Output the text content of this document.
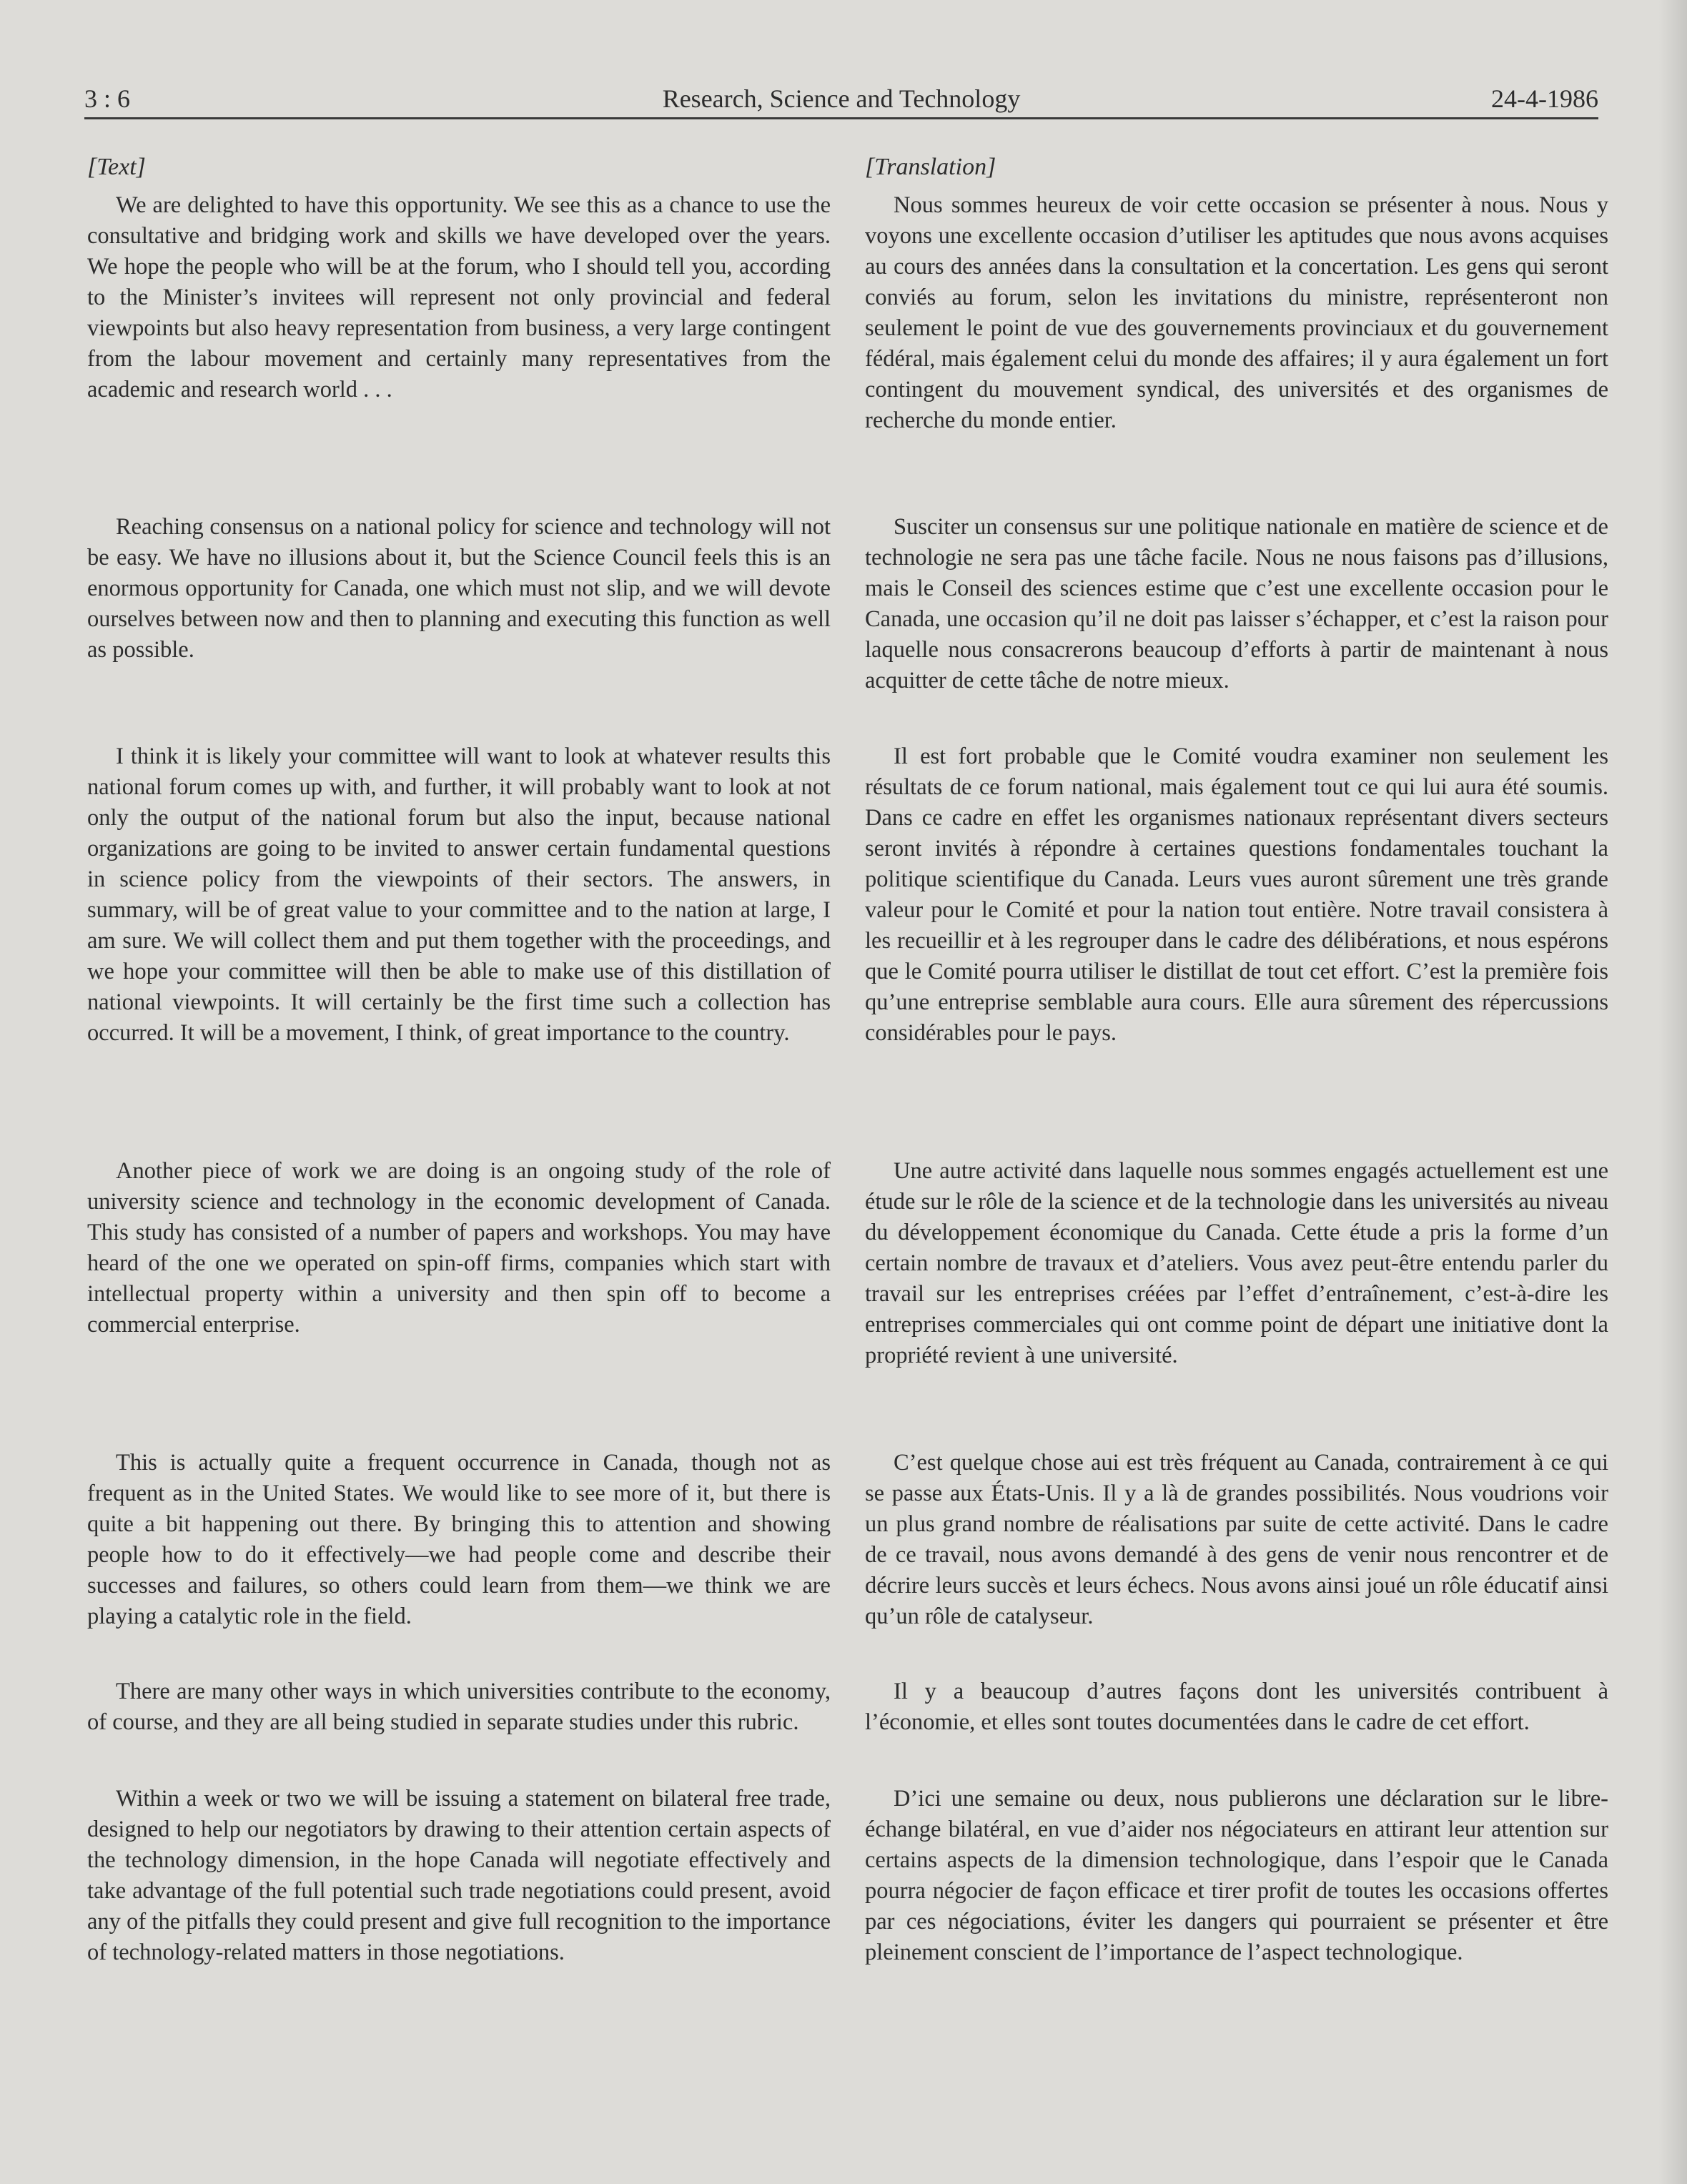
3 : 6	Research, Science and Technology	24-4-1986
[Text]	[Translation]

We are delighted to have this opportunity. We see this as a chance to use the consultative and bridging work and skills we have developed over the years. We hope the people who will be at the forum, who I should tell you, according to the Minister’s invitees will represent not only provincial and federal viewpoints but also heavy representation from business, a very large contingent from the labour movement and certainly many representatives from the academic and research world . . .

Reaching consensus on a national policy for science and technology will not be easy. We have no illusions about it, but the Science Council feels this is an enormous opportunity for Canada, one which must not slip, and we will devote ourselves between now and then to planning and executing this function as well as possible.

I think it is likely your committee will want to look at whatever results this national forum comes up with, and further, it will probably want to look at not only the output of the national forum but also the input, because national organizations are going to be invited to answer certain fundamental questions in science policy from the viewpoints of their sectors. The answers, in summary, will be of great value to your committee and to the nation at large, I am sure. We will collect them and put them together with the proceedings, and we hope your committee will then be able to make use of this distillation of national viewpoints. It will certainly be the first time such a collection has occurred. It will be a movement, I think, of great importance to the country.

Another piece of work we are doing is an ongoing study of the role of university science and technology in the economic development of Canada. This study has consisted of a number of papers and workshops. You may have heard of the one we operated on spin-off firms, companies which start with intellectual property within a university and then spin off to become a commercial enterprise.

This is actually quite a frequent occurrence in Canada, though not as frequent as in the United States. We would like to see more of it, but there is quite a bit happening out there. By bringing this to attention and showing people how to do it effectively—we had people come and describe their successes and failures, so others could learn from them—we think we are playing a catalytic role in the field.

There are many other ways in which universities contribute to the economy, of course, and they are all being studied in separate studies under this rubric.

Within a week or two we will be issuing a statement on bilateral free trade, designed to help our negotiators by drawing to their attention certain aspects of the technology dimension, in the hope Canada will negotiate effectively and take advantage of the full potential such trade negotiations could present, avoid any of the pitfalls they could present and give full recognition to the importance of technology-related matters in those negotiations.

Nous sommes heureux de voir cette occasion se présenter à nous. Nous y voyons une excellente occasion d’utiliser les aptitudes que nous avons acquises au cours des années dans la consultation et la concertation. Les gens qui seront conviés au forum, selon les invitations du ministre, représenteront non seulement le point de vue des gouvernements provinciaux et du gouvernement fédéral, mais également celui du monde des affaires; il y aura également un fort contingent du mouvement syndical, des universités et des organismes de recherche du monde entier.

Susciter un consensus sur une politique nationale en matière de science et de technologie ne sera pas une tâche facile. Nous ne nous faisons pas d’illusions, mais le Conseil des sciences estime que c’est une excellente occasion pour le Canada, une occasion qu’il ne doit pas laisser s’échapper, et c’est la raison pour laquelle nous consacrerons beaucoup d’efforts à partir de maintenant à nous acquitter de cette tâche de notre mieux.

Il est fort probable que le Comité voudra examiner non seulement les résultats de ce forum national, mais également tout ce qui lui aura été soumis. Dans ce cadre en effet les organismes nationaux représentant divers secteurs seront invités à répondre à certaines questions fondamentales touchant la politique scientifique du Canada. Leurs vues auront sûrement une très grande valeur pour le Comité et pour la nation tout entière. Notre travail consistera à les recueillir et à les regrouper dans le cadre des délibérations, et nous espérons que le Comité pourra utiliser le distillat de tout cet effort. C’est la première fois qu’une entreprise semblable aura cours. Elle aura sûrement des répercussions considérables pour le pays.

Une autre activité dans laquelle nous sommes engagés actuellement est une étude sur le rôle de la science et de la technologie dans les universités au niveau du développement économique du Canada. Cette étude a pris la forme d’un certain nombre de travaux et d’ateliers. Vous avez peut-être entendu parler du travail sur les entreprises créées par l’effet d’entraînement, c’est-à-dire les entreprises commerciales qui ont comme point de départ une initiative dont la propriété revient à une université.

C’est quelque chose aui est très fréquent au Canada, contrairement à ce qui se passe aux États-Unis. Il y a là de grandes possibilités. Nous voudrions voir un plus grand nombre de réalisations par suite de cette activité. Dans le cadre de ce travail, nous avons demandé à des gens de venir nous rencontrer et de décrire leurs succès et leurs échecs. Nous avons ainsi joué un rôle éducatif ainsi qu’un rôle de catalyseur.

Il y a beaucoup d’autres façons dont les universités contribuent à l’économie, et elles sont toutes documentées dans le cadre de cet effort.

D’ici une semaine ou deux, nous publierons une déclaration sur le libre-échange bilatéral, en vue d’aider nos négociateurs en attirant leur attention sur certains aspects de la dimension technologique, dans l’espoir que le Canada pourra négocier de façon efficace et tirer profit de toutes les occasions offertes par ces négociations, éviter les dangers qui pourraient se présenter et être pleinement conscient de l’importance de l’aspect technologique.
